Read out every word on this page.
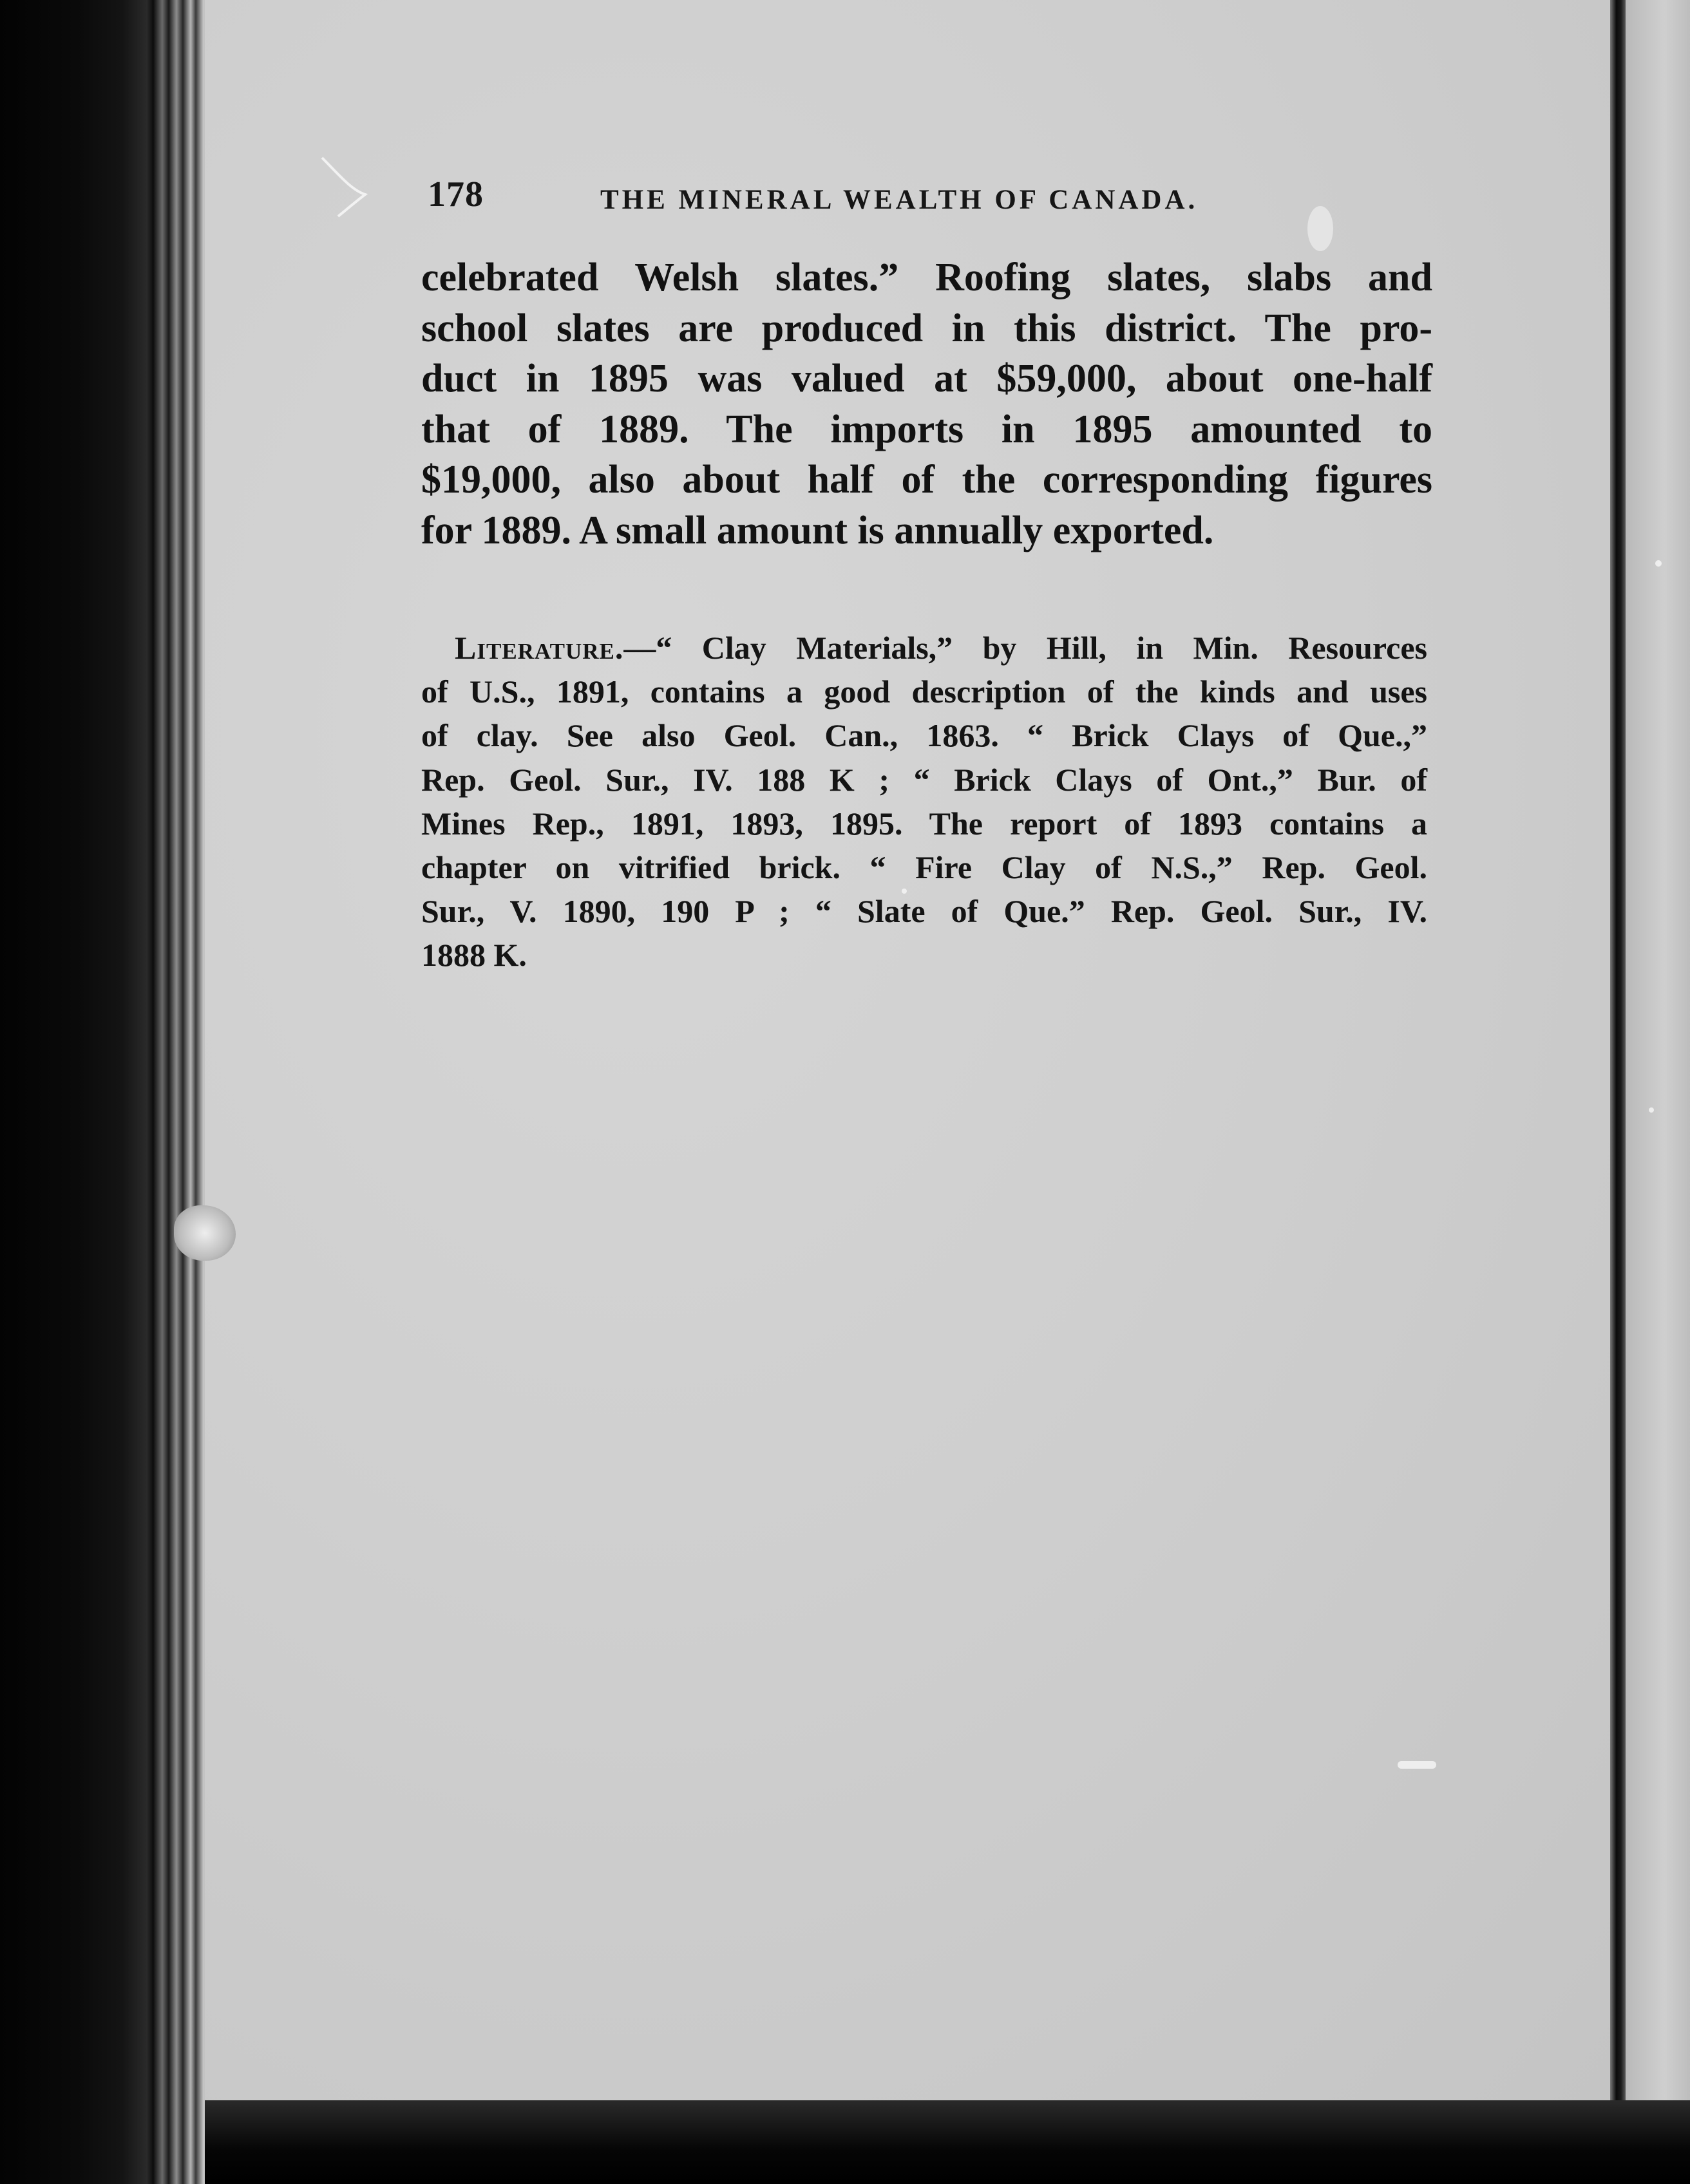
178	THE MINERAL WEALTH OF CANADA.
celebrated Welsh slates.” Roofing slates, slabs and
school slates are produced in this district. The pro-
duct in 1895 was valued at $59,000, about one-half
that of 1889. The imports in 1895 amounted to
$19,000, also about half of the corresponding figures
for 1889. A small amount is annually exported.
Literature.—“ Clay Materials,” by Hill, in Min. Resources
of U.S., 1891, contains a good description of the kinds and uses
of clay. See also Geol. Can., 1863. “ Brick Clays of Que.,”
Rep. Geol. Sur., IV. 188 K ; “ Brick Clays of Ont.,” Bur. of
Mines Rep., 1891, 1893, 1895. The report of 1893 contains a
chapter on vitrified brick. “ Fire Clay of N.S.,” Rep. Geol.
Sur., V. 1890, 190 P ; “ Slate of Que.” Rep. Geol. Sur., IV.
1888 K.
